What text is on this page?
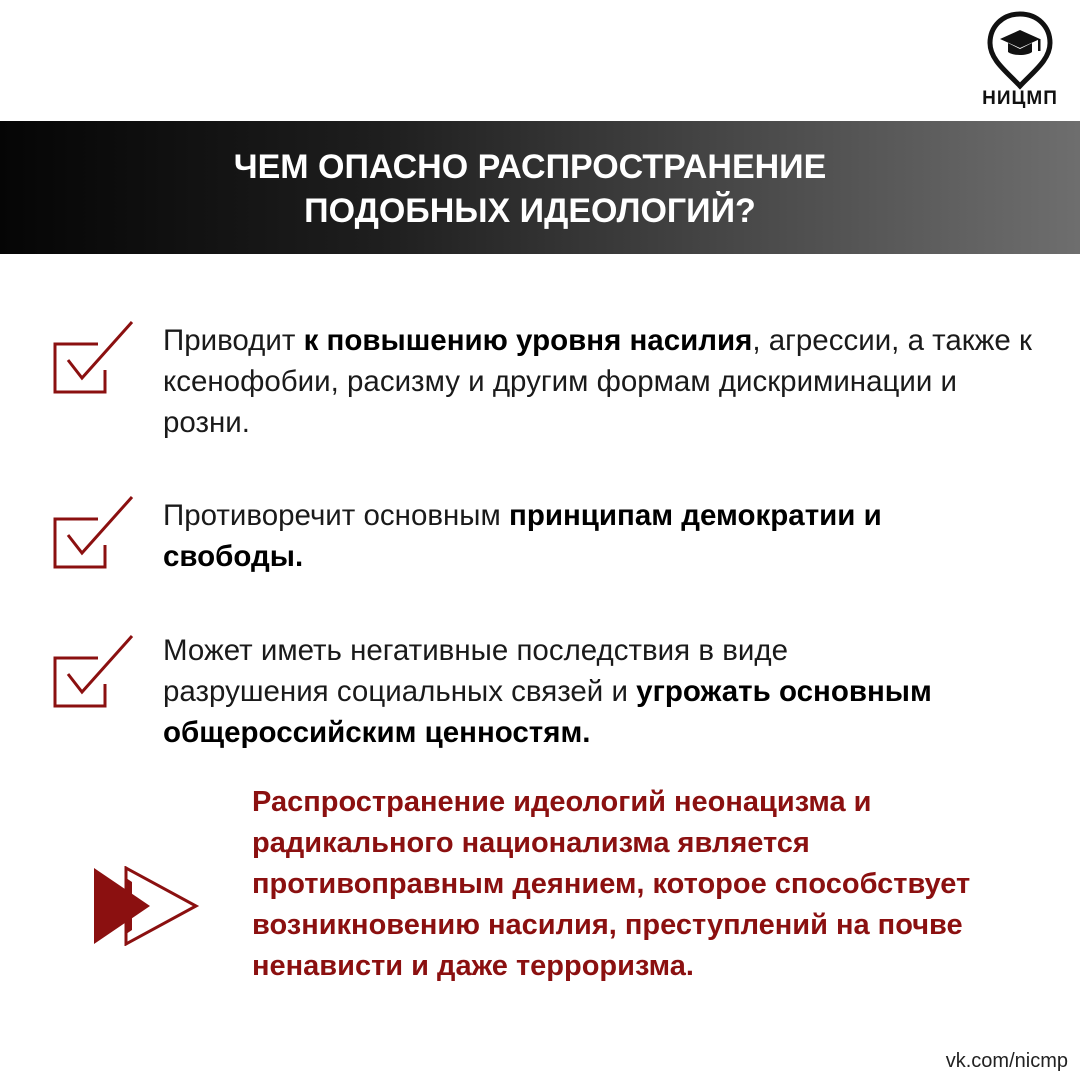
НИЦМП
ЧЕМ ОПАСНО РАСПРОСТРАНЕНИЕ
ПОДОБНЫХ ИДЕОЛОГИЙ?
Приводит к повышению уровня насилия, агрессии, а также к ксенофобии, расизму и другим формам дискриминации и розни.
Противоречит основным принципам демократии и свободы.
Может иметь негативные последствия в виде разрушения социальных связей и угрожать основным общероссийским ценностям.
Распространение идеологий неонацизма и радикального национализма является противоправным деянием, которое способствует возникновению насилия, преступлений на почве ненависти и даже терроризма.
vk.com/nicmp
